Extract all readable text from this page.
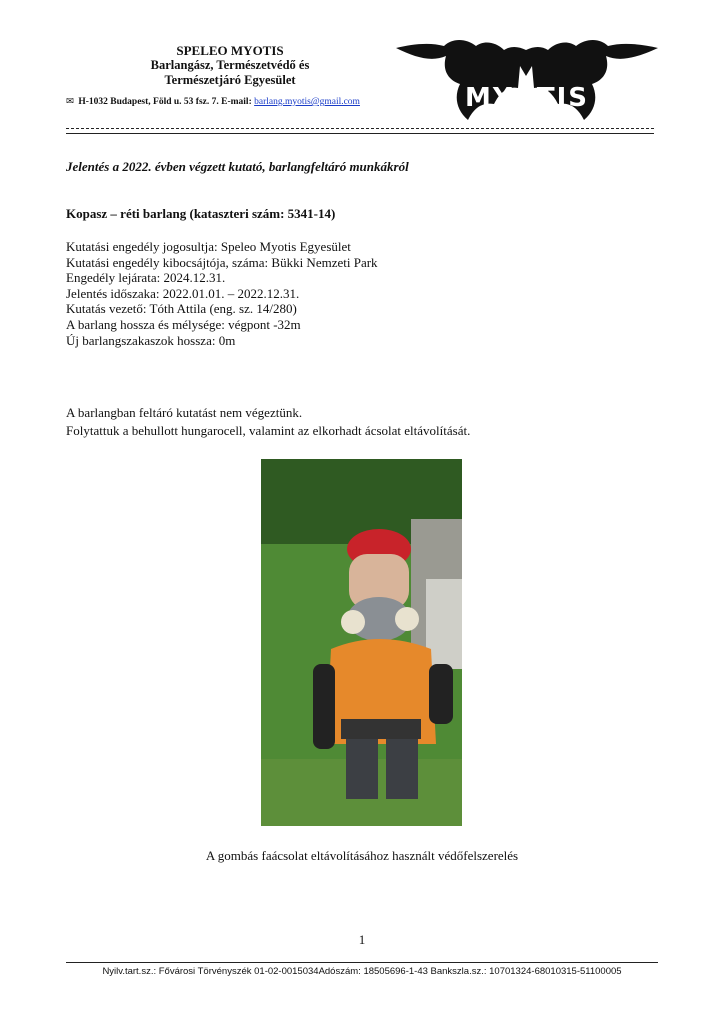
SPELEO MYOTIS
Barlangász, Természetvédő és
Természetjáró Egyesület
✉ H-1032 Budapest, Föld u. 53 fsz. 7. E-mail: barlang.myotis@gmail.com	MYOTIS
Jelentés a 2022. évben végzett kutató, barlangfeltáró munkákról
Kopasz – réti barlang (kataszteri szám: 5341-14)
Kutatási engedély jogosultja: Speleo Myotis Egyesület
Kutatási engedély kibocsájtója, száma: Bükki Nemzeti Park
Engedély lejárata: 2024.12.31.
Jelentés időszaka: 2022.01.01. – 2022.12.31.
Kutatás vezető: Tóth Attila (eng. sz. 14/280)
A barlang hossza és mélysége: végpont -32m
Új barlangszakaszok hossza: 0m
A barlangban feltáró kutatást nem végeztünk.
Folytattuk a behullott hungarocell, valamint az elkorhadt ácsolat eltávolítását.
A gombás faácsolat eltávolításához használt védőfelszerelés
1
Nyilv.tart.sz.: Fővárosi Törvényszék 01-02-0015034Adószám: 18505696-1-43 Bankszla.sz.: 10701324-68010315-51100005
